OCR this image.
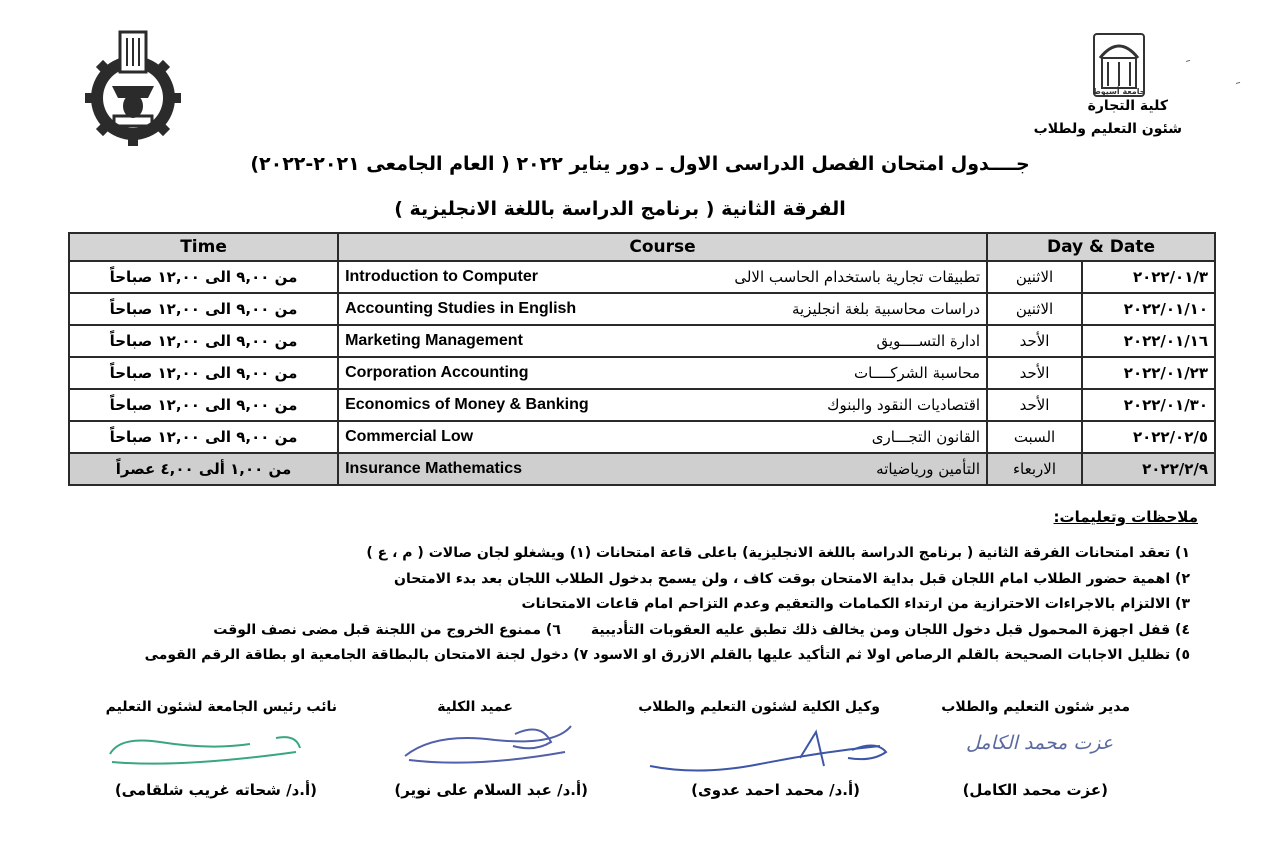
جامعة أسيوط
كلية التجارة
شئون التعليم ولطلاب
ﹶ
ﹶ
جــــدول امتحان الفصل الدراسى الاول ـ دور يناير ٢٠٢٢ ( العام الجامعى ٢٠٢١-٢٠٢٢)
الفرقة الثانية ( برنامج الدراسة باللغة الانجليزية )
Time	Course	Day & Date	
من ٩,٠٠ الى ١٢,٠٠ صباحاً	Introduction to Computer تطبيقات تجارية باستخدام الحاسب الالى	الاثنين	٢٠٢٢/٠١/٣
من ٩,٠٠ الى ١٢,٠٠ صباحاً	Accounting Studies in English دراسات محاسبية بلغة انجليزية	الاثنين	٢٠٢٢/٠١/١٠
من ٩,٠٠ الى ١٢,٠٠ صباحاً	Marketing Management ادارة التســــويق	الأحد	٢٠٢٢/٠١/١٦
من ٩,٠٠ الى ١٢,٠٠ صباحاً	Corporation Accounting محاسبة الشركــــات	الأحد	٢٠٢٢/٠١/٢٣
من ٩,٠٠ الى ١٢,٠٠ صباحاً	Economics of Money & Banking اقتصاديات النقود والبنوك	الأحد	٢٠٢٢/٠١/٣٠
من ٩,٠٠ الى ١٢,٠٠ صباحاً	Commercial Low القانون التجـــارى	السبت	٢٠٢٢/٠٢/٥
من ١,٠٠ ألى ٤,٠٠ عصراً	Insurance Mathematics التأمين ورياضياته	الاربعاء	٢٠٢٢/٢/٩
ملاحظات وتعليمات:
١) تعقد امتحانات الفرقة الثانية ( برنامج الدراسة باللغة الانجليزية) باعلى قاعة امتحانات (١) ويشغلو لجان صالات ( م ، ع )
٢) اهمية حضور الطلاب امام اللجان قبل بداية الامتحان بوقت كاف ، ولن يسمح بدخول الطلاب اللجان بعد بدء الامتحان
٣) الالتزام بالاجراءات الاحترازية من ارتداء الكمامات والتعقيم وعدم التزاحم امام قاعات الامتحانات
٤) قفل اجهزة المحمول قبل دخول اللجان ومن يخالف ذلك تطبق عليه العقوبات التأديبية٦) ممنوع الخروج من اللجنة قبل مضى نصف الوقت
٥) تظليل الاجابات الصحيحة بالقلم الرصاص اولا ثم التأكيد عليها بالقلم الازرق او الاسود ٧) دخول لجنة الامتحان بالبطاقة الجامعية او بطاقة الرقم القومى
مدير شئون التعليم والطلاب
وكيل الكلية لشئون التعليم والطلاب
عميد الكلية
نائب رئيس الجامعة لشئون التعليم
عزت محمد الكامل
(عزت محمد الكامل)
(أ.د/ محمد احمد عدوى)
(أ.د/ عبد السلام على نوير)
(أ.د/ شحاته غريب شلقامى)
